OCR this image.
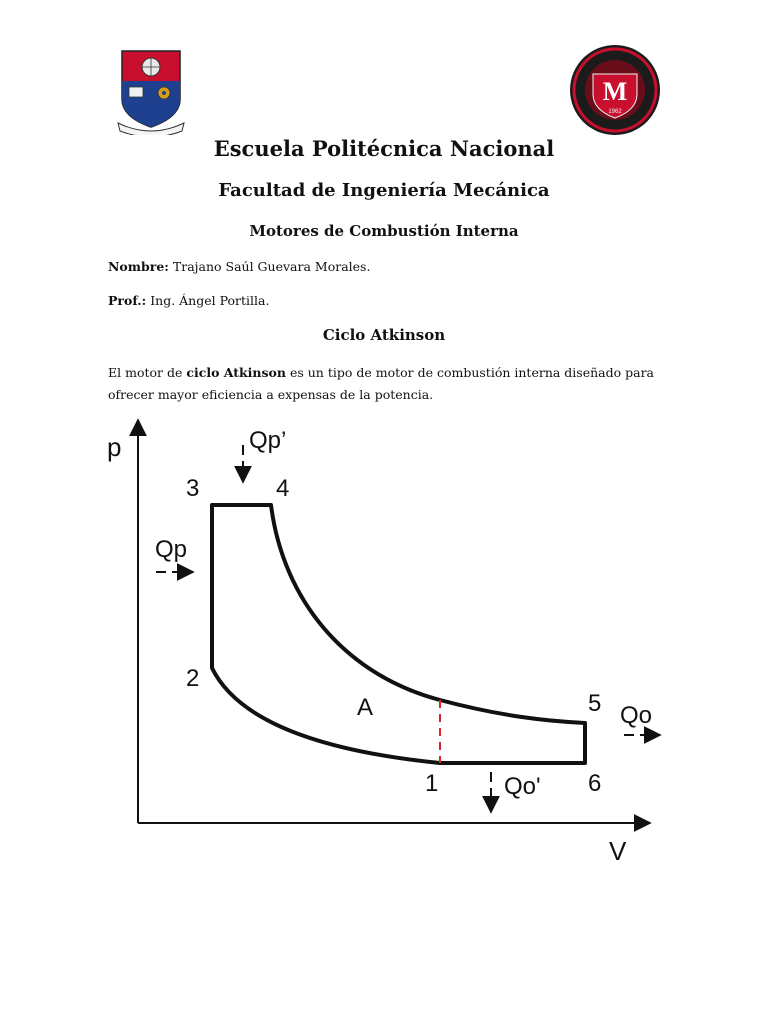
M
1962
Escuela Politécnica Nacional
Facultad de Ingeniería Mecánica
Motores de Combustión Interna
Nombre: Trajano Saúl Guevara Morales.
Prof.: Ing. Ángel Portilla.
Ciclo Atkinson
El motor de ciclo Atkinson es un tipo de motor de combustión interna diseñado para ofrecer mayor eficiencia a expensas de la potencia.
p
V
Qp’
Qp
Qo
Qo'
1
2
3	4
5
6
A
